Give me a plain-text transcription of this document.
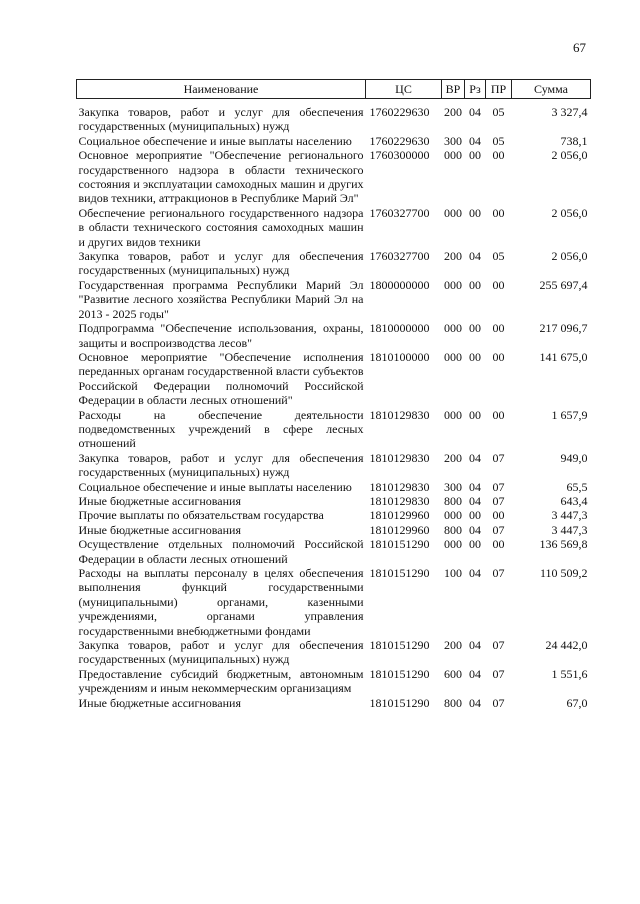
67
Наименование	ЦС	ВР	Рз	ПР	Сумма
Закупка товаров, работ и услуг для обеспечения государственных (муниципальных) нужд	1760229630	200	04	05	3 327,4
Социальное обеспечение и иные выплаты населению	1760229630	300	04	05	738,1
Основное мероприятие "Обеспечение регионального государственного надзора в области технического состояния и эксплуатации самоходных машин и других видов техники, аттракционов в Республике Марий Эл"	1760300000	000	00	00	2 056,0
Обеспечение регионального государственного надзора в области технического состояния самоходных машин и других видов техники	1760327700	000	00	00	2 056,0
Закупка товаров, работ и услуг для обеспечения государственных (муниципальных) нужд	1760327700	200	04	05	2 056,0
Государственная программа Республики Марий Эл "Развитие лесного хозяйства Республики Марий Эл на 2013 - 2025 годы"	1800000000	000	00	00	255 697,4
Подпрограмма "Обеспечение использования, охраны, защиты и воспроизводства лесов"	1810000000	000	00	00	217 096,7
Основное мероприятие "Обеспечение исполнения переданных органам государственной власти субъектов Российской Федерации полномочий Российской Федерации в области лесных отношений"	1810100000	000	00	00	141 675,0
Расходы на обеспечение деятельности подведомственных учреждений в сфере лесных отношений	1810129830	000	00	00	1 657,9
Закупка товаров, работ и услуг для обеспечения государственных (муниципальных) нужд	1810129830	200	04	07	949,0
Социальное обеспечение и иные выплаты населению	1810129830	300	04	07	65,5
Иные бюджетные ассигнования	1810129830	800	04	07	643,4
Прочие выплаты по обязательствам государства	1810129960	000	00	00	3 447,3
Иные бюджетные ассигнования	1810129960	800	04	07	3 447,3
Осуществление отдельных полномочий Российской Федерации в области лесных отношений	1810151290	000	00	00	136 569,8
Расходы на выплаты персоналу в целях обеспечения выполнения функций государственными (муниципальными) органами, казенными учреждениями, органами управления государственными внебюджетными фондами	1810151290	100	04	07	110 509,2
Закупка товаров, работ и услуг для обеспечения государственных (муниципальных) нужд	1810151290	200	04	07	24 442,0
Предоставление субсидий бюджетным, автономным учреждениям и иным некоммерческим организациям	1810151290	600	04	07	1 551,6
Иные бюджетные ассигнования	1810151290	800	04	07	67,0
